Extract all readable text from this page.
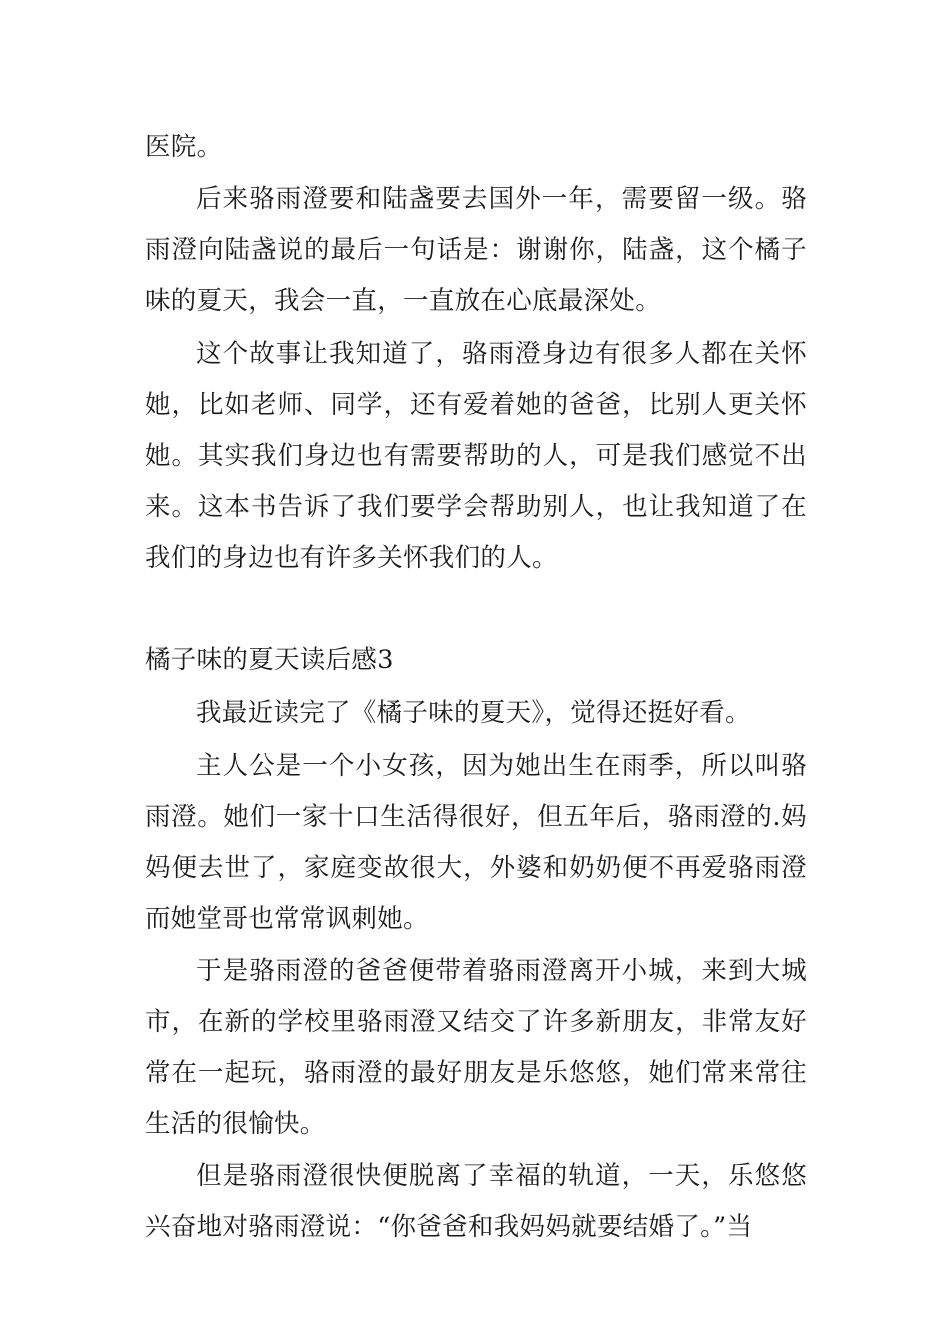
医院。

后来骆雨澄要和陆盏要去国外一年，需要留一级。骆雨澄向陆盏说的最后一句话是：谢谢你，陆盏，这个橘子味的夏天，我会一直，一直放在心底最深处。

这个故事让我知道了，骆雨澄身边有很多人都在关怀她，比如老师、同学，还有爱着她的爸爸，比别人更关怀她。其实我们身边也有需要帮助的人，可是我们感觉不出来。这本书告诉了我们要学会帮助别人，也让我知道了在我们的身边也有许多关怀我们的人。

橘子味的夏天读后感3

我最近读完了《橘子味的夏天》，觉得还挺好看。

主人公是一个小女孩，因为她出生在雨季，所以叫骆雨澄。她们一家十口生活得很好，但五年后，骆雨澄的.妈妈便去世了，家庭变故很大，外婆和奶奶便不再爱骆雨澄而她堂哥也常常讽刺她。

于是骆雨澄的爸爸便带着骆雨澄离开小城，来到大城市，在新的学校里骆雨澄又结交了许多新朋友，非常友好常在一起玩，骆雨澄的最好朋友是乐悠悠，她们常来常往生活的很愉快。

但是骆雨澄很快便脱离了幸福的轨道，一天，乐悠悠兴奋地对骆雨澄说：“你爸爸和我妈妈就要结婚了。”当
